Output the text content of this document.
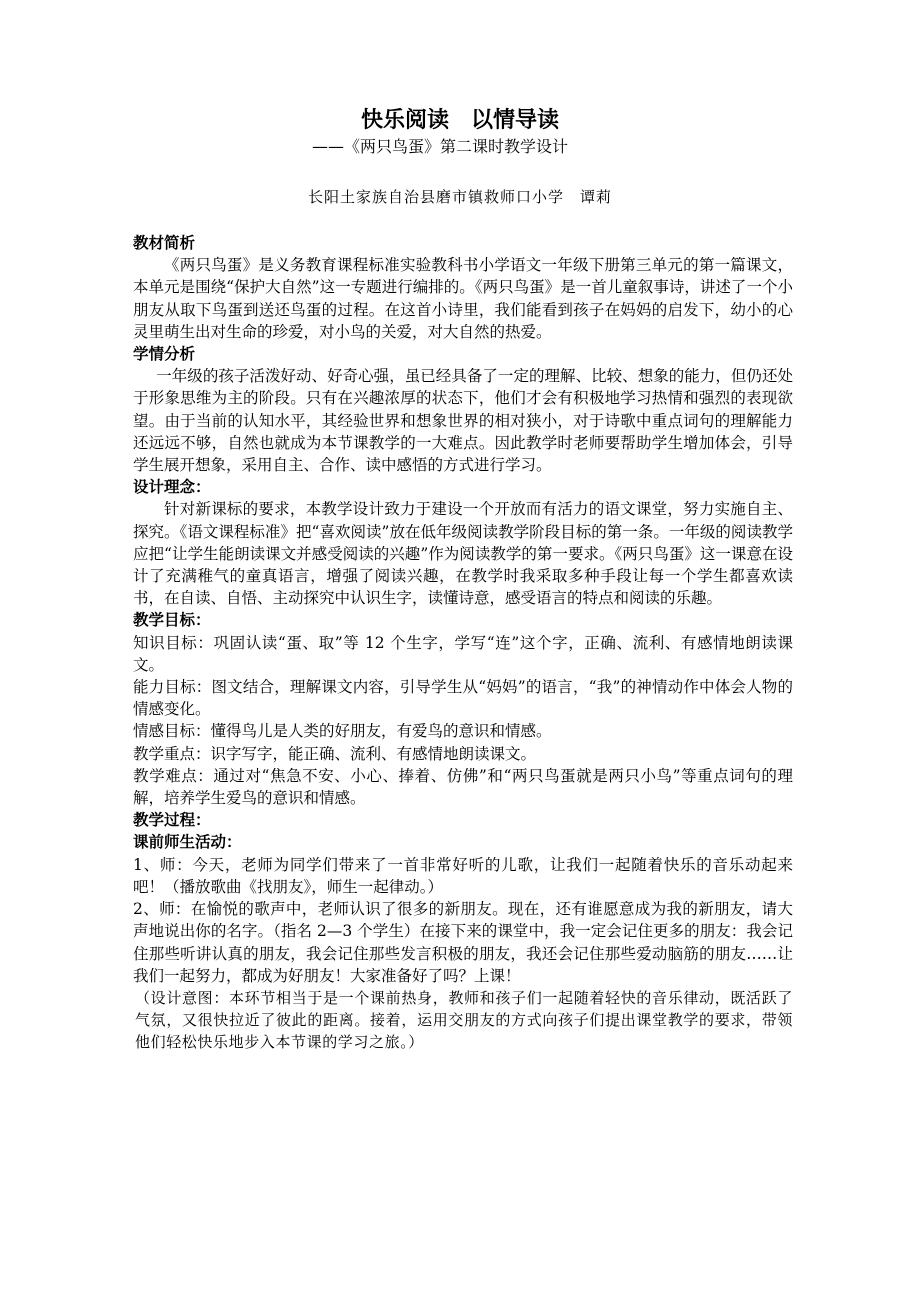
快乐阅读　以情导读
——《两只鸟蛋》第二课时教学设计
长阳土家族自治县磨市镇救师口小学　谭莉
教材简析

《两只鸟蛋》是义务教育课程标准实验教科书小学语文一年级下册第三单元的第一篇课文，本单元是围绕“保护大自然”这一专题进行编排的。《两只鸟蛋》是一首儿童叙事诗，讲述了一个小朋友从取下鸟蛋到送还鸟蛋的过程。在这首小诗里，我们能看到孩子在妈妈的启发下，幼小的心灵里萌生出对生命的珍爱，对小鸟的关爱，对大自然的热爱。

学情分析

一年级的孩子活泼好动、好奇心强，虽已经具备了一定的理解、比较、想象的能力，但仍还处于形象思维为主的阶段。只有在兴趣浓厚的状态下，他们才会有积极地学习热情和强烈的表现欲望。由于当前的认知水平，其经验世界和想象世界的相对狭小，对于诗歌中重点词句的理解能力还远远不够，自然也就成为本节课教学的一大难点。因此教学时老师要帮助学生增加体会，引导学生展开想象，采用自主、合作、读中感悟的方式进行学习。

设计理念：

针对新课标的要求，本教学设计致力于建设一个开放而有活力的语文课堂，努力实施自主、探究。《语文课程标准》把“喜欢阅读”放在低年级阅读教学阶段目标的第一条。一年级的阅读教学应把“让学生能朗读课文并感受阅读的兴趣”作为阅读教学的第一要求。《两只鸟蛋》这一课意在设计了充满稚气的童真语言，增强了阅读兴趣，在教学时我采取多种手段让每一个学生都喜欢读书，在自读、自悟、主动探究中认识生字，读懂诗意，感受语言的特点和阅读的乐趣。

教学目标：

知识目标：巩固认读“蛋、取”等 12 个生字，学写“连”这个字，正确、流利、有感情地朗读课文。

能力目标：图文结合，理解课文内容，引导学生从“妈妈”的语言，“我”的神情动作中体会人物的情感变化。

情感目标：懂得鸟儿是人类的好朋友，有爱鸟的意识和情感。

教学重点：识字写字，能正确、流利、有感情地朗读课文。

教学难点：通过对“焦急不安、小心、捧着、仿佛”和“两只鸟蛋就是两只小鸟”等重点词句的理解，培养学生爱鸟的意识和情感。

教学过程：
课前师生活动：

1、师：今天，老师为同学们带来了一首非常好听的儿歌，让我们一起随着快乐的音乐动起来吧！（播放歌曲《找朋友》，师生一起律动。）

2、师：在愉悦的歌声中，老师认识了很多的新朋友。现在，还有谁愿意成为我的新朋友，请大声地说出你的名字。（指名 2—3 个学生）在接下来的课堂中，我一定会记住更多的朋友：我会记住那些听讲认真的朋友，我会记住那些发言积极的朋友，我还会记住那些爱动脑筋的朋友……让我们一起努力，都成为好朋友！大家准备好了吗？上课！

（设计意图：本环节相当于是一个课前热身，教师和孩子们一起随着轻快的音乐律动，既活跃了气氛，又很快拉近了彼此的距离。接着，运用交朋友的方式向孩子们提出课堂教学的要求，带领他们轻松快乐地步入本节课的学习之旅。）
